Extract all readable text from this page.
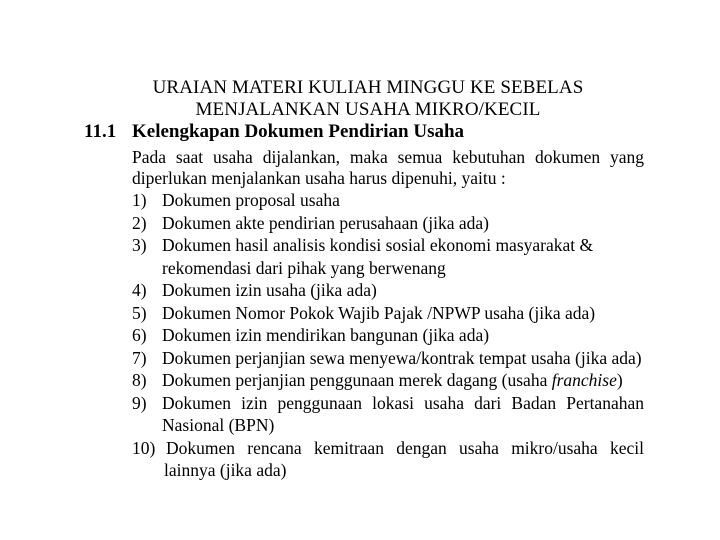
URAIAN MATERI KULIAH MINGGU KE SEBELAS
MENJALANKAN USAHA MIKRO/KECIL
11.1 Kelengkapan Dokumen Pendirian Usaha
Pada saat usaha dijalankan, maka semua kebutuhan dokumen yang
diperlukan menjalankan usaha harus dipenuhi, yaitu :
1) Dokumen proposal usaha
2) Dokumen akte pendirian perusahaan (jika ada)
3) Dokumen hasil analisis kondisi sosial ekonomi masyarakat &
rekomendasi dari pihak yang berwenang
4) Dokumen izin usaha (jika ada)
5) Dokumen Nomor Pokok Wajib Pajak /NPWP usaha (jika ada)
6) Dokumen izin mendirikan bangunan (jika ada)
7) Dokumen perjanjian sewa menyewa/kontrak tempat usaha (jika ada)
8) Dokumen perjanjian penggunaan merek dagang (usaha franchise)
9) Dokumen izin penggunaan lokasi usaha dari Badan Pertanahan
Nasional (BPN)
10) Dokumen rencana kemitraan dengan usaha mikro/usaha kecil
lainnya (jika ada)
